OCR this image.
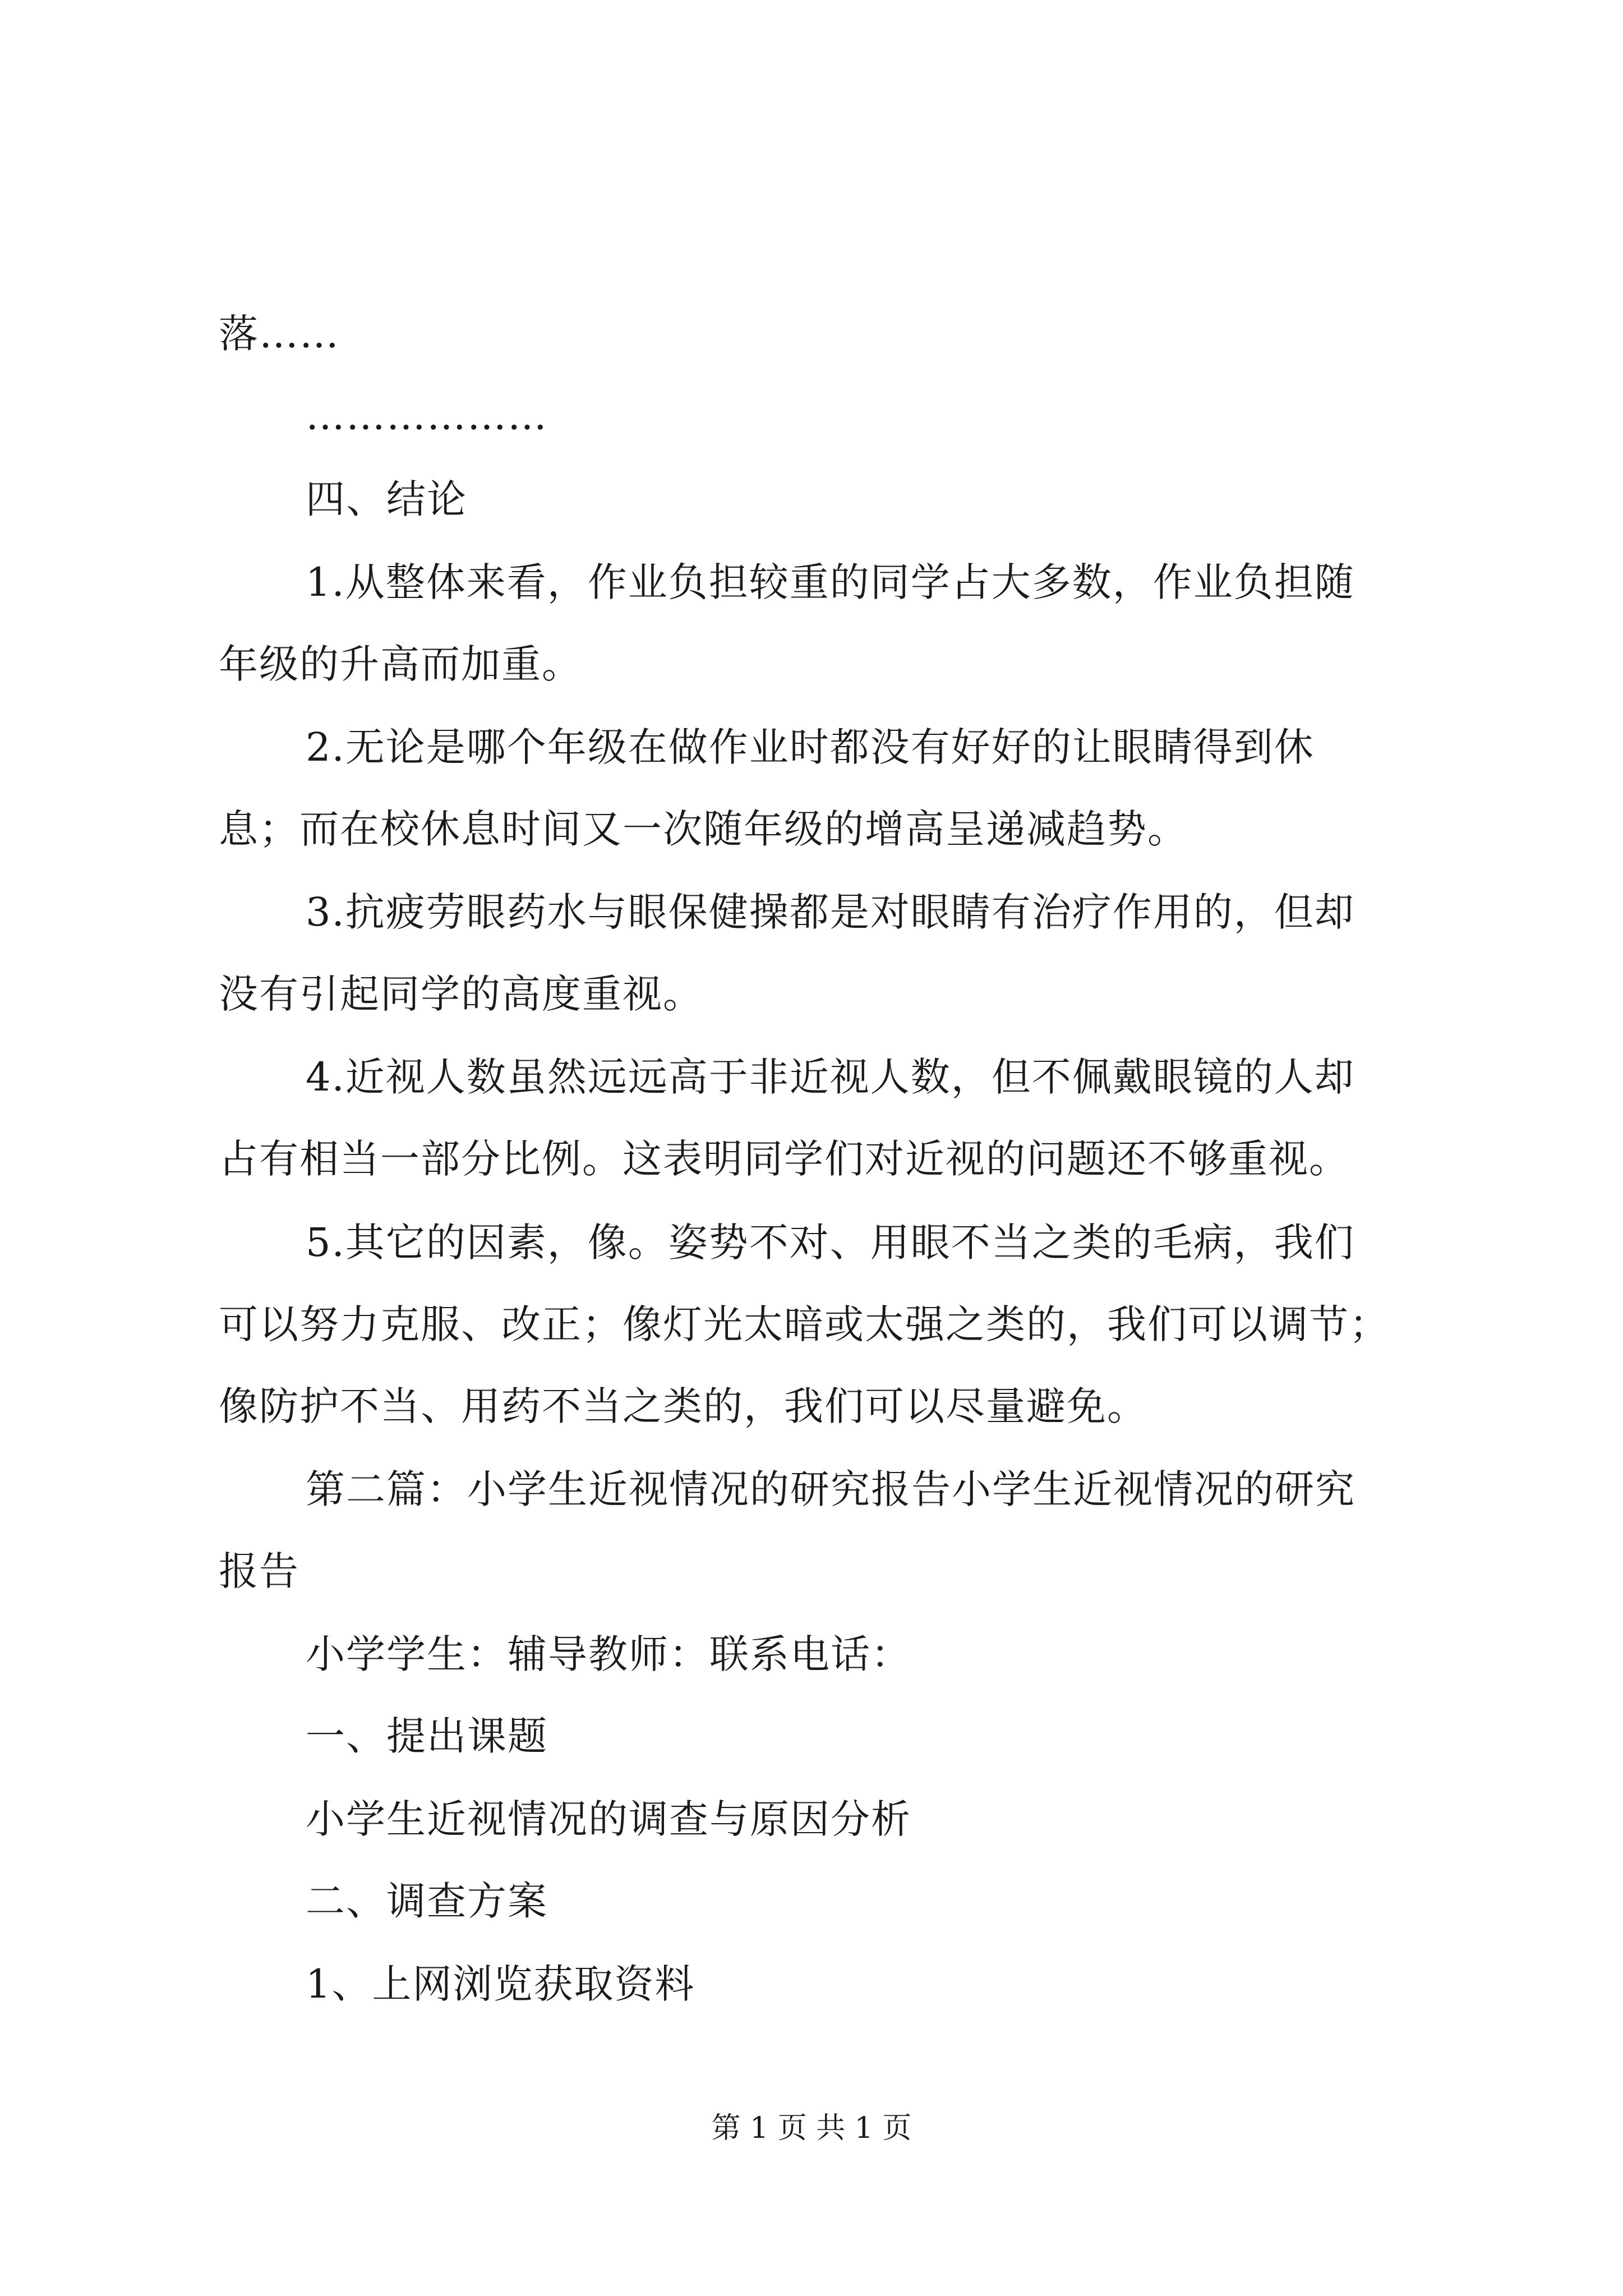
落……
………………
四、结论
1.从整体来看，作业负担较重的同学占大多数，作业负担随
年级的升高而加重。
2.无论是哪个年级在做作业时都没有好好的让眼睛得到休
息；而在校休息时间又一次随年级的增高呈递减趋势。
3.抗疲劳眼药水与眼保健操都是对眼睛有治疗作用的，但却
没有引起同学的高度重视。
4.近视人数虽然远远高于非近视人数，但不佩戴眼镜的人却
占有相当一部分比例。这表明同学们对近视的问题还不够重视。
5.其它的因素，像。姿势不对、用眼不当之类的毛病，我们
可以努力克服、改正；像灯光太暗或太强之类的，我们可以调节；
像防护不当、用药不当之类的，我们可以尽量避免。
第二篇：小学生近视情况的研究报告小学生近视情况的研究
报告
小学学生：辅导教师：联系电话：
一、提出课题
小学生近视情况的调查与原因分析
二、调查方案
1、上网浏览获取资料
第 1 页 共 1 页
